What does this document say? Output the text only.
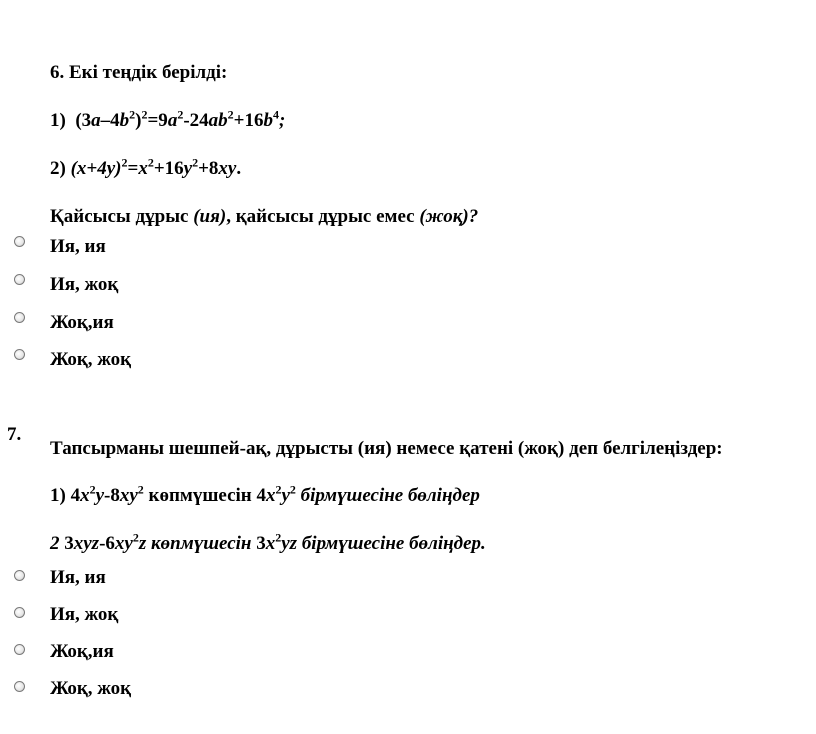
6. Екі теңдік берілді:
1) $(3a-4b^2)^2=9a^2-24ab^2+16b^4$;
2) $(x+4y)^2=x^2+16y^2+8xy$.
Қайсысы дұрыс (ия), қайсысы дұрыс емес (жоқ)?
Ия, ия
Ия, жоқ
Жоқ,ия
Жоқ, жоқ
7.
Тапсырманы шешпей-ақ, дұрысты (ия) немесе қатені (жоқ) деп белгілеңіздер:
1) $4x^2y-8xy^2$ көпмүшесін $4x^2y^2$ бірмүшесіне бөліңдер
2 $3xyz-6xy^2z$ көпмүшесін $3x^2yz$ бірмүшесіне бөліңдер.
Ия, ия
Ия, жоқ
Жоқ,ия
Жоқ, жоқ
